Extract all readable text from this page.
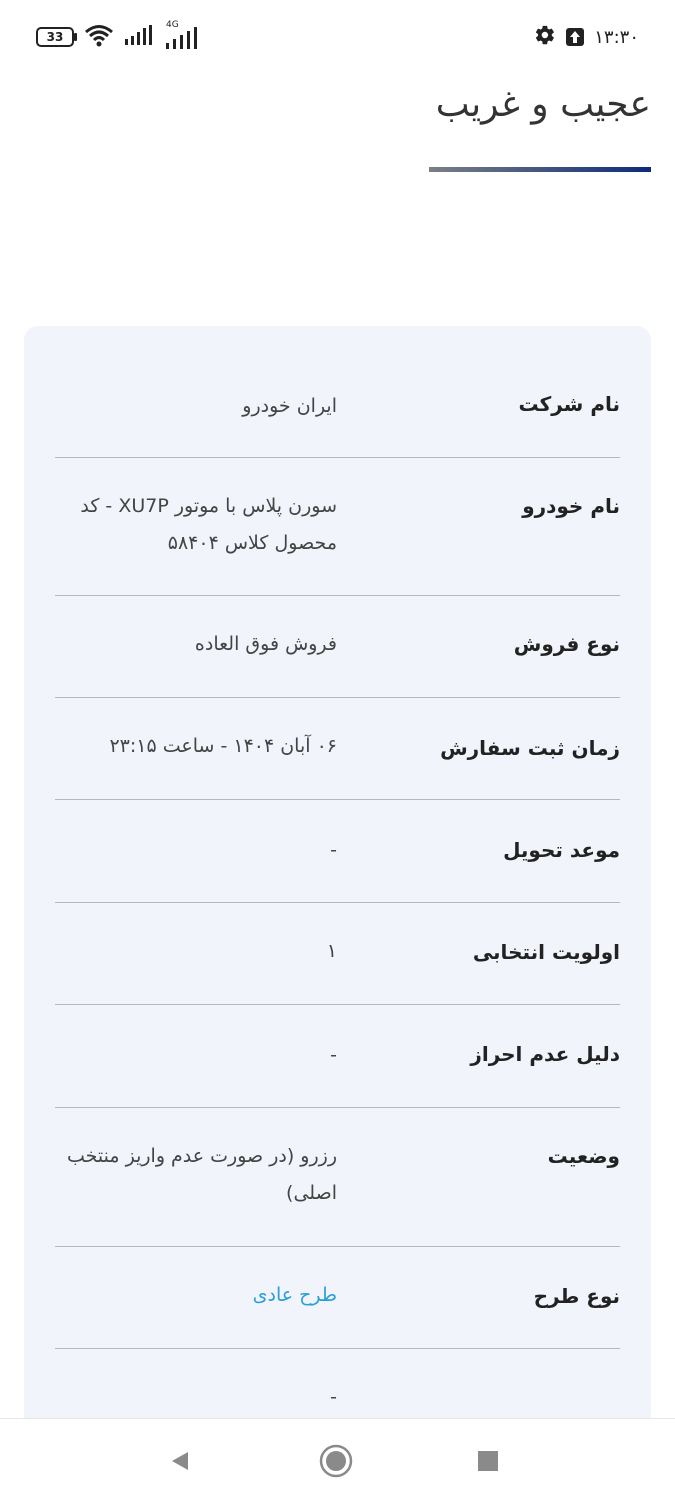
33
4G
۱۳:۳۰
عجیب و غریب
نام شرکت
ایران خودرو
نام خودرو
سورن پلاس با موتور XU7P - کد محصول کلاس ۵۸۴۰۴
نوع فروش
فروش فوق العاده
زمان ثبت سفارش
۰۶ آبان ۱۴۰۴ - ساعت ۲۳:۱۵
موعد تحویل
-
اولویت انتخابی
۱
دلیل عدم احراز
-
وضعیت
رزرو (در صورت عدم واریز منتخب اصلی)
نوع طرح
طرح عادی
-
